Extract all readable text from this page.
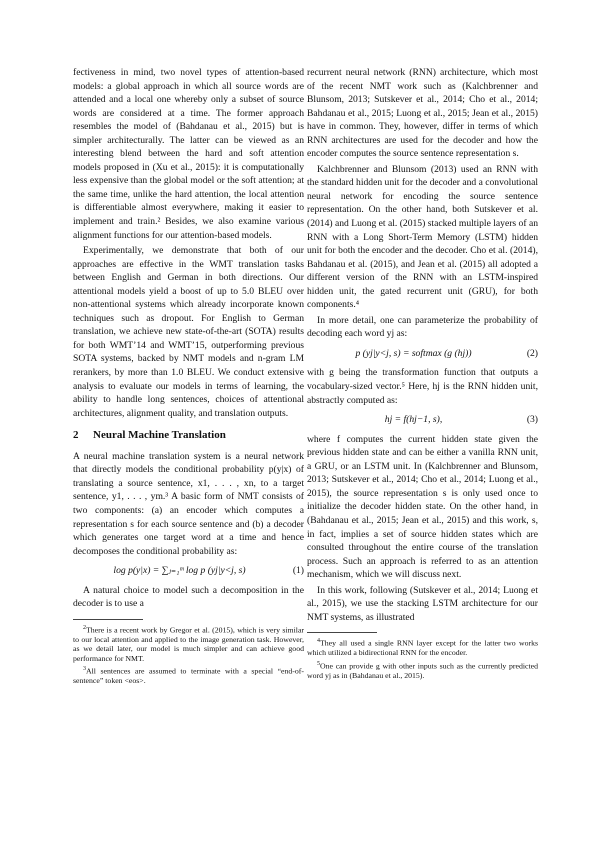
fectiveness in mind, two novel types of attention-based models: a global approach in which all source words are attended and a local one whereby only a subset of source words are considered at a time. The former approach resembles the model of (Bahdanau et al., 2015) but is simpler architecturally. The latter can be viewed as an interesting blend between the hard and soft attention models proposed in (Xu et al., 2015): it is computationally less expensive than the global model or the soft attention; at the same time, unlike the hard attention, the local attention is differentiable almost everywhere, making it easier to implement and train.² Besides, we also examine various alignment functions for our attention-based models.

Experimentally, we demonstrate that both of our approaches are effective in the WMT translation tasks between English and German in both directions. Our attentional models yield a boost of up to 5.0 BLEU over non-attentional systems which already incorporate known techniques such as dropout. For English to German translation, we achieve new state-of-the-art (SOTA) results for both WMT’14 and WMT’15, outperforming previous SOTA systems, backed by NMT models and n-gram LM rerankers, by more than 1.0 BLEU. We conduct extensive analysis to evaluate our models in terms of learning, the ability to handle long sentences, choices of attentional architectures, alignment quality, and translation outputs.

2 Neural Machine Translation

A neural machine translation system is a neural network that directly models the conditional probability p(y|x) of translating a source sentence, x1, . . . , xn, to a target sentence, y1, . . . , ym.³ A basic form of NMT consists of two components: (a) an encoder which computes a representation s for each source sentence and (b) a decoder which generates one target word at a time and hence decomposes the conditional probability as:

log p(y|x) = ∑ⱼ₌₁ᵐ log p (yj|y<j, s)	(1)

A natural choice to model such a decomposition in the decoder is to use a

$^2$There is a recent work by Gregor et al. (2015), which is very similar to our local attention and applied to the image generation task. However, as we detail later, our model is much simpler and can achieve good performance for NMT.

$^3$All sentences are assumed to terminate with a special “end-of-sentence” token <eos>.

recurrent neural network (RNN) architecture, which most of the recent NMT work such as (Kalchbrenner and Blunsom, 2013; Sutskever et al., 2014; Cho et al., 2014; Bahdanau et al., 2015; Luong et al., 2015; Jean et al., 2015) have in common. They, however, differ in terms of which RNN architectures are used for the decoder and how the encoder computes the source sentence representation s.

Kalchbrenner and Blunsom (2013) used an RNN with the standard hidden unit for the decoder and a convolutional neural network for encoding the source sentence representation. On the other hand, both Sutskever et al. (2014) and Luong et al. (2015) stacked multiple layers of an RNN with a Long Short-Term Memory (LSTM) hidden unit for both the encoder and the decoder. Cho et al. (2014), Bahdanau et al. (2015), and Jean et al. (2015) all adopted a different version of the RNN with an LSTM-inspired hidden unit, the gated recurrent unit (GRU), for both components.⁴

In more detail, one can parameterize the probability of decoding each word yj as:

p (yj|y<j, s) = softmax (g (hj))	(2)

with g being the transformation function that outputs a vocabulary-sized vector.⁵ Here, hj is the RNN hidden unit, abstractly computed as:

hj = f(hj−1, s),	(3)

where f computes the current hidden state given the previous hidden state and can be either a vanilla RNN unit, a GRU, or an LSTM unit. In (Kalchbrenner and Blunsom, 2013; Sutskever et al., 2014; Cho et al., 2014; Luong et al., 2015), the source representation s is only used once to initialize the decoder hidden state. On the other hand, in (Bahdanau et al., 2015; Jean et al., 2015) and this work, s, in fact, implies a set of source hidden states which are consulted throughout the entire course of the translation process. Such an approach is referred to as an attention mechanism, which we will discuss next.

In this work, following (Sutskever et al., 2014; Luong et al., 2015), we use the stacking LSTM architecture for our NMT systems, as illustrated

$^4$They all used a single RNN layer except for the latter two works which utilized a bidirectional RNN for the encoder.

$^5$One can provide g with other inputs such as the currently predicted word yj as in (Bahdanau et al., 2015).
